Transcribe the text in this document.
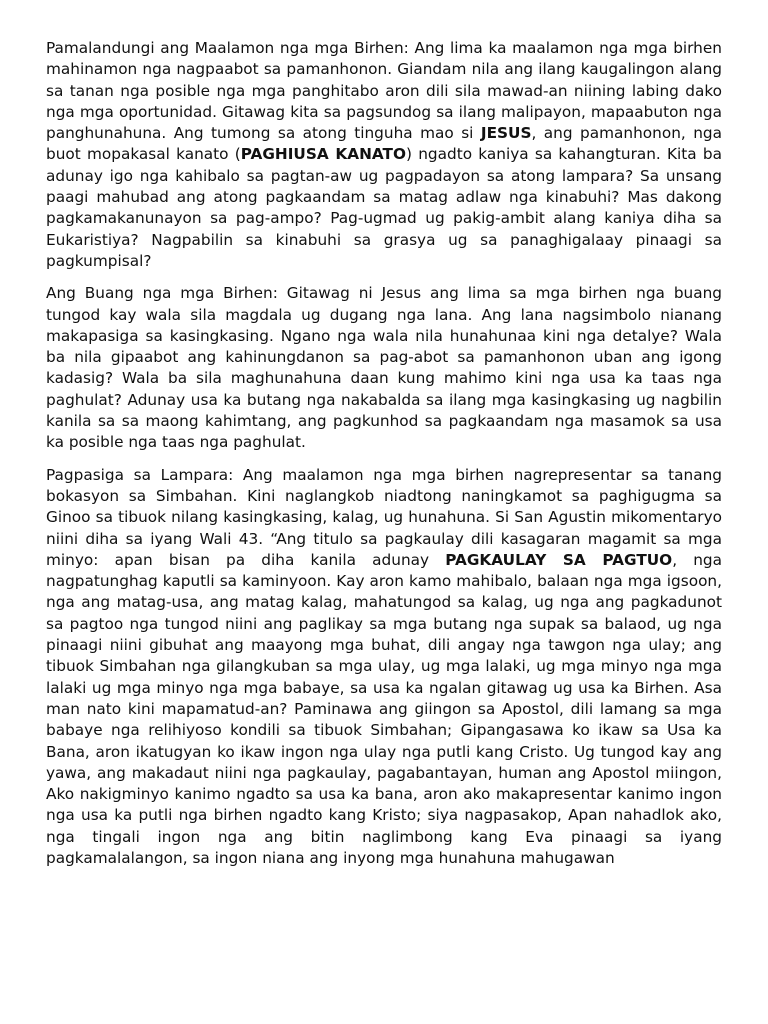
Pamalandungi ang Maalamon nga mga Birhen: Ang lima ka maalamon nga mga birhen mahinamon nga nagpaabot sa pamanhonon. Giandam nila ang ilang kaugalingon alang sa tanan nga posible nga mga panghitabo aron dili sila mawad-an niining labing dako nga mga oportunidad. Gitawag kita sa pagsundog sa ilang malipayon, mapaabuton nga panghunahuna. Ang tumong sa atong tinguha mao si JESUS, ang pamanhonon, nga buot mopakasal kanato (PAGHIUSA KANATO) ngadto kaniya sa kahangturan. Kita ba adunay igo nga kahibalo sa pagtan-aw ug pagpadayon sa atong lampara? Sa unsang paagi mahubad ang atong pagkaandam sa matag adlaw nga kinabuhi? Mas dakong pagkamakanunayon sa pag-ampo? Pag-ugmad ug pakig-ambit alang kaniya diha sa Eukaristiya? Nagpabilin sa kinabuhi sa grasya ug sa panaghigalaay pinaagi sa pagkumpisal?

Ang Buang nga mga Birhen: Gitawag ni Jesus ang lima sa mga birhen nga buang tungod kay wala sila magdala ug dugang nga lana. Ang lana nagsimbolo nianang makapasiga sa kasingkasing. Ngano nga wala nila hunahunaa kini nga detalye? Wala ba nila gipaabot ang kahinungdanon sa pag-abot sa pamanhonon uban ang igong kadasig? Wala ba sila maghunahuna daan kung mahimo kini nga usa ka taas nga paghulat? Adunay usa ka butang nga nakabalda sa ilang mga kasingkasing ug nagbilin kanila sa sa maong kahimtang, ang pagkunhod sa pagkaandam nga masamok sa usa ka posible nga taas nga paghulat.

Pagpasiga sa Lampara: Ang maalamon nga mga birhen nagrepresentar sa tanang bokasyon sa Simbahan. Kini naglangkob niadtong naningkamot sa paghigugma sa Ginoo sa tibuok nilang kasingkasing, kalag, ug hunahuna. Si San Agustin mikomentaryo niini diha sa iyang Wali 43. “Ang titulo sa pagkaulay dili kasagaran magamit sa mga minyo: apan bisan pa diha kanila adunay PAGKAULAY SA PAGTUO, nga nagpatunghag kaputli sa kaminyoon. Kay aron kamo mahibalo, balaan nga mga igsoon, nga ang matag-usa, ang matag kalag, mahatungod sa kalag, ug nga ang pagkadunot sa pagtoo nga tungod niini ang paglikay sa mga butang nga supak sa balaod, ug nga pinaagi niini gibuhat ang maayong mga buhat, dili angay nga tawgon nga ulay; ang tibuok Simbahan nga gilangkuban sa mga ulay, ug mga lalaki, ug mga minyo nga mga lalaki ug mga minyo nga mga babaye, sa usa ka ngalan gitawag ug usa ka Birhen. Asa man nato kini mapamatud-an? Paminawa ang giingon sa Apostol, dili lamang sa mga babaye nga relihiyoso kondili sa tibuok Simbahan; Gipangasawa ko ikaw sa Usa ka Bana, aron ikatugyan ko ikaw ingon nga ulay nga putli kang Cristo. Ug tungod kay ang yawa, ang makadaut niini nga pagkaulay, pagabantayan, human ang Apostol miingon, Ako nakigminyo kanimo ngadto sa usa ka bana, aron ako makapresentar kanimo ingon nga usa ka putli nga birhen ngadto kang Kristo; siya nagpasakop, Apan nahadlok ako, nga tingali ingon nga ang bitin naglimbong kang Eva pinaagi sa iyang pagkamalalangon, sa ingon niana ang inyong mga hunahuna mahugawan
